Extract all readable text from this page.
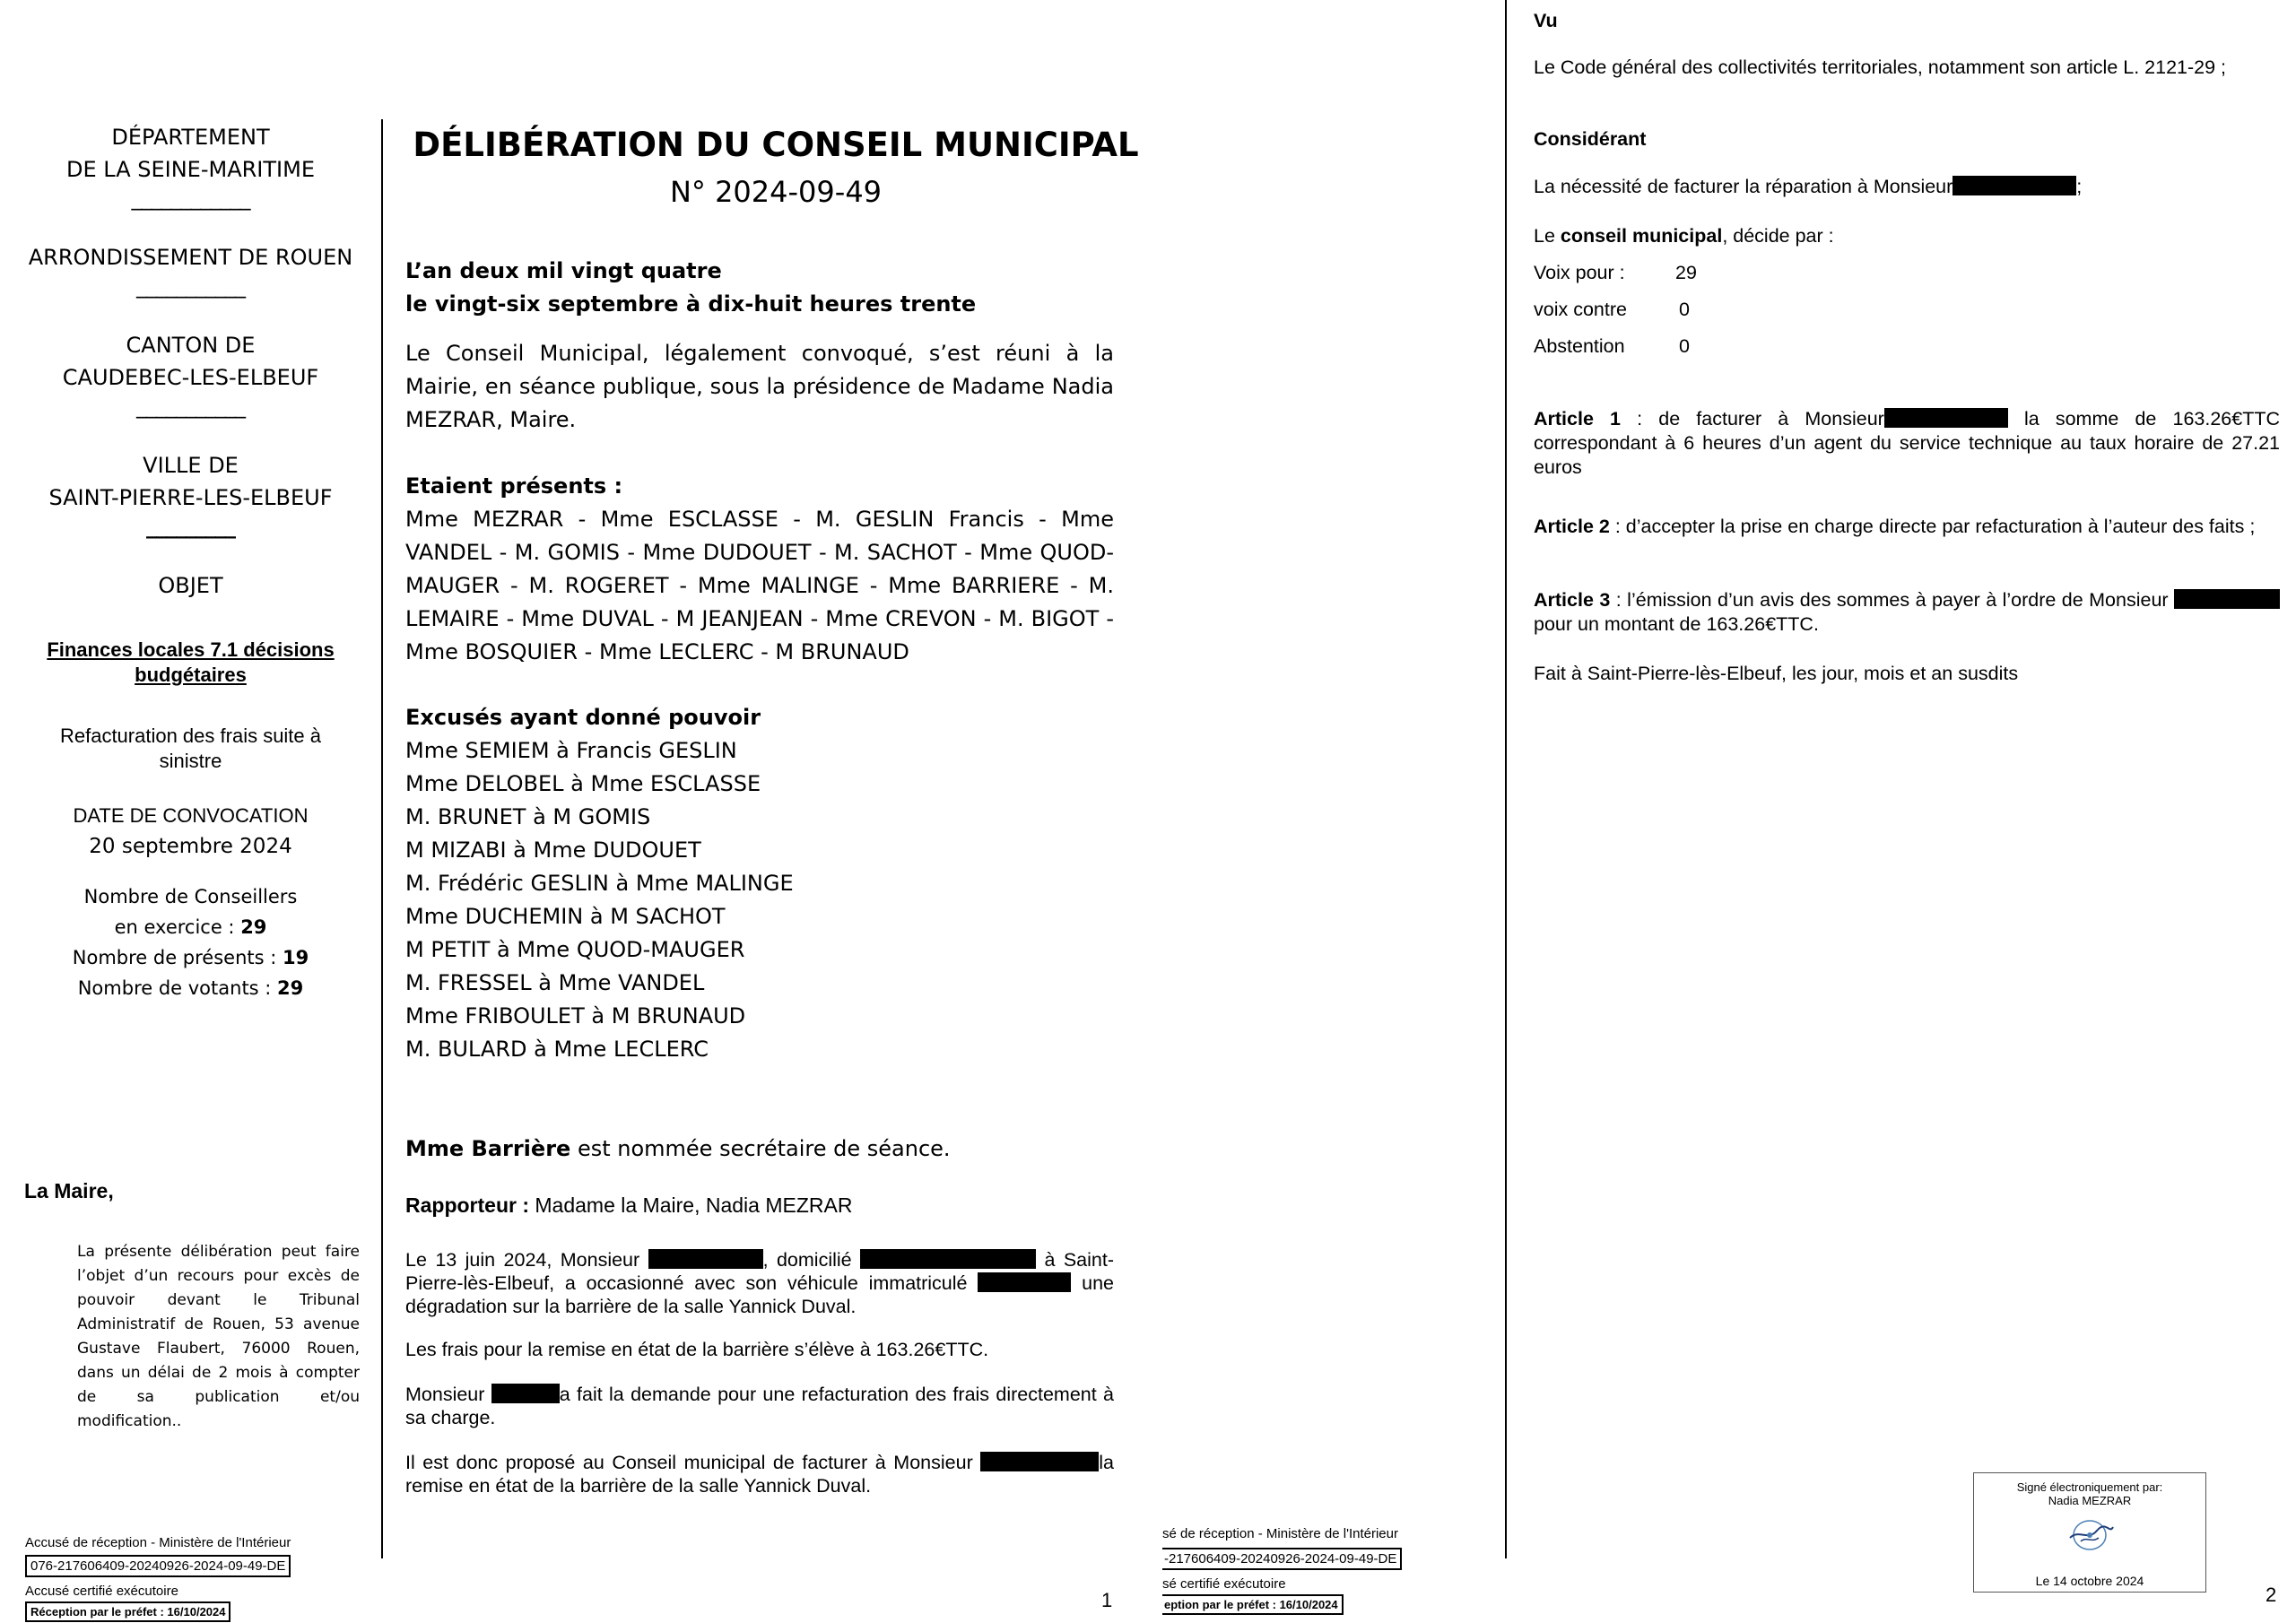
DÉPARTEMENT
DE LA SEINE-MARITIME
____________
ARRONDISSEMENT DE ROUEN
___________
CANTON DE
CAUDEBEC-LES-ELBEUF
___________
VILLE DE
SAINT-PIERRE-LES-ELBEUF
_________
OBJET
Finances locales 7.1 décisions
budgétaires
Refacturation des frais suite à
sinistre
DATE DE CONVOCATION
20 septembre 2024
Nombre de Conseillers
en exercice : 29
Nombre de présents : 19
Nombre de votants : 29
La Maire,
La présente délibération peut faire l’objet d’un recours pour excès de pouvoir devant le Tribunal Administratif de Rouen, 53 avenue Gustave Flaubert, 76000 Rouen, dans un délai de 2 mois à compter de sa publication et/ou modification..
Accusé de réception - Ministère de l'Intérieur
076-217606409-20240926-2024-09-49-DE
Accusé certifié exécutoire
Réception par le préfet : 16/10/2024
DÉLIBÉRATION DU CONSEIL MUNICIPAL
N° 2024-09-49
L’an deux mil vingt quatre
le vingt-six septembre à dix-huit heures trente
Le Conseil Municipal, légalement convoqué, s’est réuni à la Mairie, en séance publique, sous la présidence de Madame Nadia MEZRAR, Maire.
Etaient présents :
Mme MEZRAR - Mme ESCLASSE - M. GESLIN Francis - Mme VANDEL - M. GOMIS - Mme DUDOUET - M. SACHOT - Mme QUOD-MAUGER - M. ROGERET - Mme MALINGE - Mme BARRIERE - M. LEMAIRE - Mme DUVAL - M JEANJEAN - Mme CREVON - M. BIGOT - Mme BOSQUIER - Mme LECLERC - M BRUNAUD
Excusés ayant donné pouvoir
Mme SEMIEM à Francis GESLIN
Mme DELOBEL à Mme ESCLASSE
M. BRUNET à M GOMIS
M MIZABI à Mme DUDOUET
M. Frédéric GESLIN à Mme MALINGE
Mme DUCHEMIN à M SACHOT
M PETIT à Mme QUOD-MAUGER
M. FRESSEL à Mme VANDEL
Mme FRIBOULET à M BRUNAUD
M. BULARD à Mme LECLERC
Mme Barrière est nommée secrétaire de séance.
Rapporteur : Madame la Maire, Nadia MEZRAR
Le 13 juin 2024, Monsieur	, domicilié	à Saint-Pierre-lès-Elbeuf, a occasionné avec son véhicule immatriculé	une dégradation sur la barrière de la salle Yannick Duval.
Les frais pour la remise en état de la barrière s’élève à 163.26€TTC.
Monsieur	a fait la demande pour une refacturation des frais directement à sa charge.
Il est donc proposé au Conseil municipal de facturer à Monsieur	la remise en état de la barrière de la salle Yannick Duval.
sé de réception - Ministère de l'Intérieur
-217606409-20240926-2024-09-49-DE
sé certifié exécutoire
eption par le préfet : 16/10/2024
1
Vu
Le Code général des collectivités territoriales, notamment son article L. 2121-29 ;
Considérant
La nécessité de facturer la réparation à Monsieur	;
Le conseil municipal, décide par :
Voix pour :	29
voix contre	0
Abstention	0
Article 1 : de facturer à Monsieur	la somme de 163.26€TTC correspondant à 6 heures d’un agent du service technique au taux horaire de 27.21 euros
Article 2 : d’accepter la prise en charge directe par refacturation à l’auteur des faits ;
Article 3 : l’émission d’un avis des sommes à payer à l’ordre de Monsieur pour un montant de 163.26€TTC.
Fait à Saint-Pierre-lès-Elbeuf, les jour, mois et an susdits
Signé électroniquement par:
Nadia MEZRAR
Le 14 octobre 2024
2
